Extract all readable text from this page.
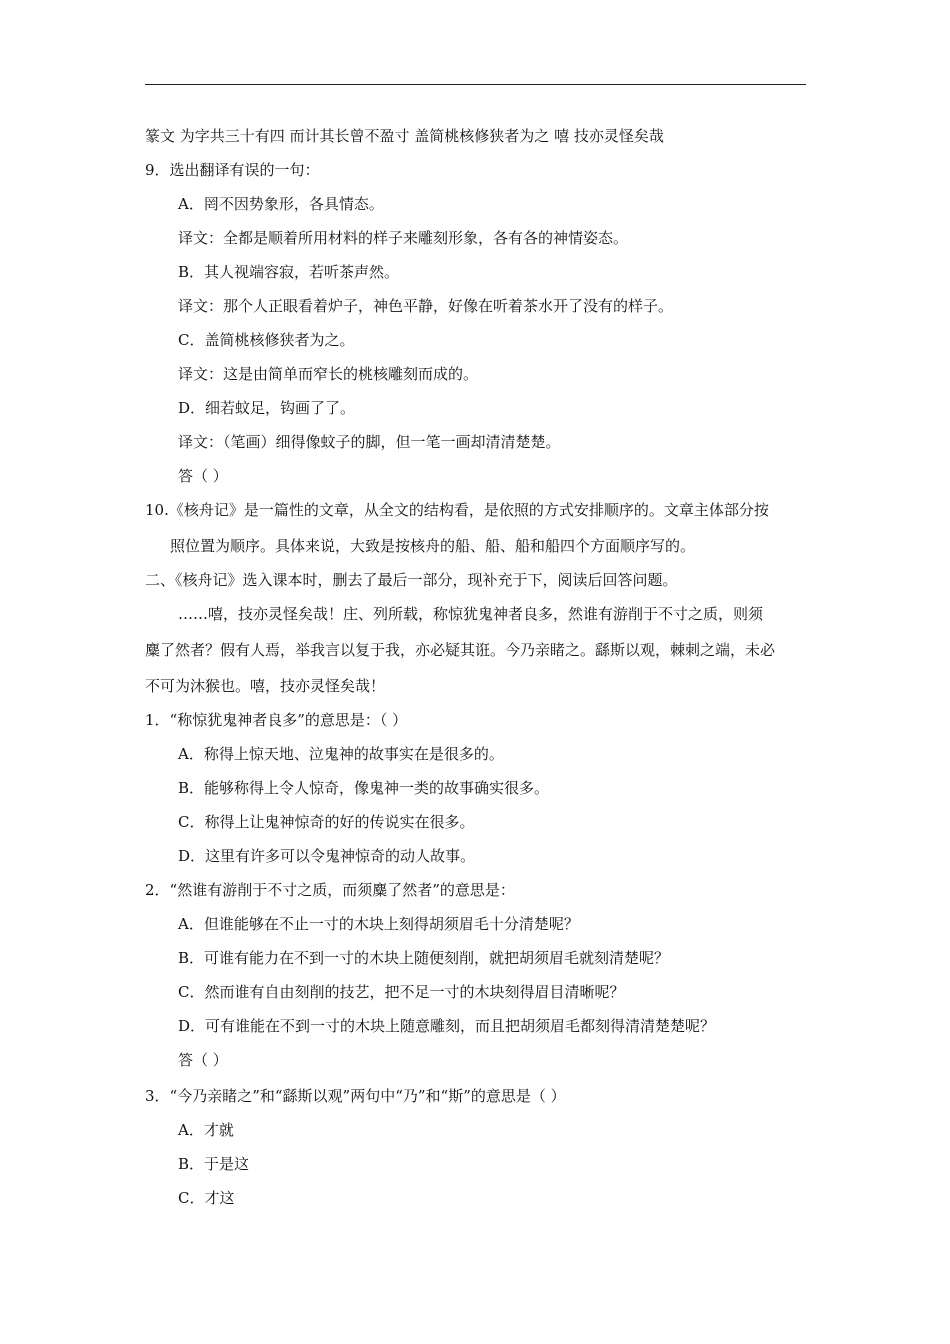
篆文 为字共三十有四 而计其长曾不盈寸 盖简桃核修狭者为之 嘻 技亦灵怪矣哉
9．选出翻译有误的一句：
A．罔不因势象形，各具情态。
译文：全都是顺着所用材料的样子来雕刻形象，各有各的神情姿态。
B．其人视端容寂，若听茶声然。
译文：那个人正眼看着炉子，神色平静，好像在听着茶水开了没有的样子。
C．盖简桃核修狭者为之。
译文：这是由简单而窄长的桃核雕刻而成的。
D．细若蚊足，钩画了了。
译文：（笔画）细得像蚊子的脚，但一笔一画却清清楚楚。
答（ ）
10.《核舟记》是一篇性的文章，从全文的结构看，是依照的方式安排顺序的。文章主体部分按
照位置为顺序。具体来说，大致是按核舟的船、船、船和船四个方面顺序写的。
二、《核舟记》选入课本时，删去了最后一部分，现补充于下，阅读后回答问题。
……嘻，技亦灵怪矣哉！庄、列所载，称惊犹鬼神者良多，然谁有游削于不寸之质，则须
麋了然者？假有人焉，举我言以复于我，亦必疑其诳。今乃亲睹之。繇斯以观，棘刺之端，未必
不可为沐猴也。嘻，技亦灵怪矣哉！
1．“称惊犹鬼神者良多”的意思是：（ ）
A．称得上惊天地、泣鬼神的故事实在是很多的。
B．能够称得上令人惊奇，像鬼神一类的故事确实很多。
C．称得上让鬼神惊奇的好的传说实在很多。
D．这里有许多可以令鬼神惊奇的动人故事。
2．“然谁有游削于不寸之质，而须麋了然者”的意思是：
A．但谁能够在不止一寸的木块上刻得胡须眉毛十分清楚呢？
B．可谁有能力在不到一寸的木块上随便刻削，就把胡须眉毛就刻清楚呢？
C．然而谁有自由刻削的技艺，把不足一寸的木块刻得眉目清晰呢？
D．可有谁能在不到一寸的木块上随意雕刻，而且把胡须眉毛都刻得清清楚楚呢？
答（ ）
3．“今乃亲睹之”和“繇斯以观”两句中“乃”和“斯”的意思是（ ）
A．才就
B．于是这
C．才这
